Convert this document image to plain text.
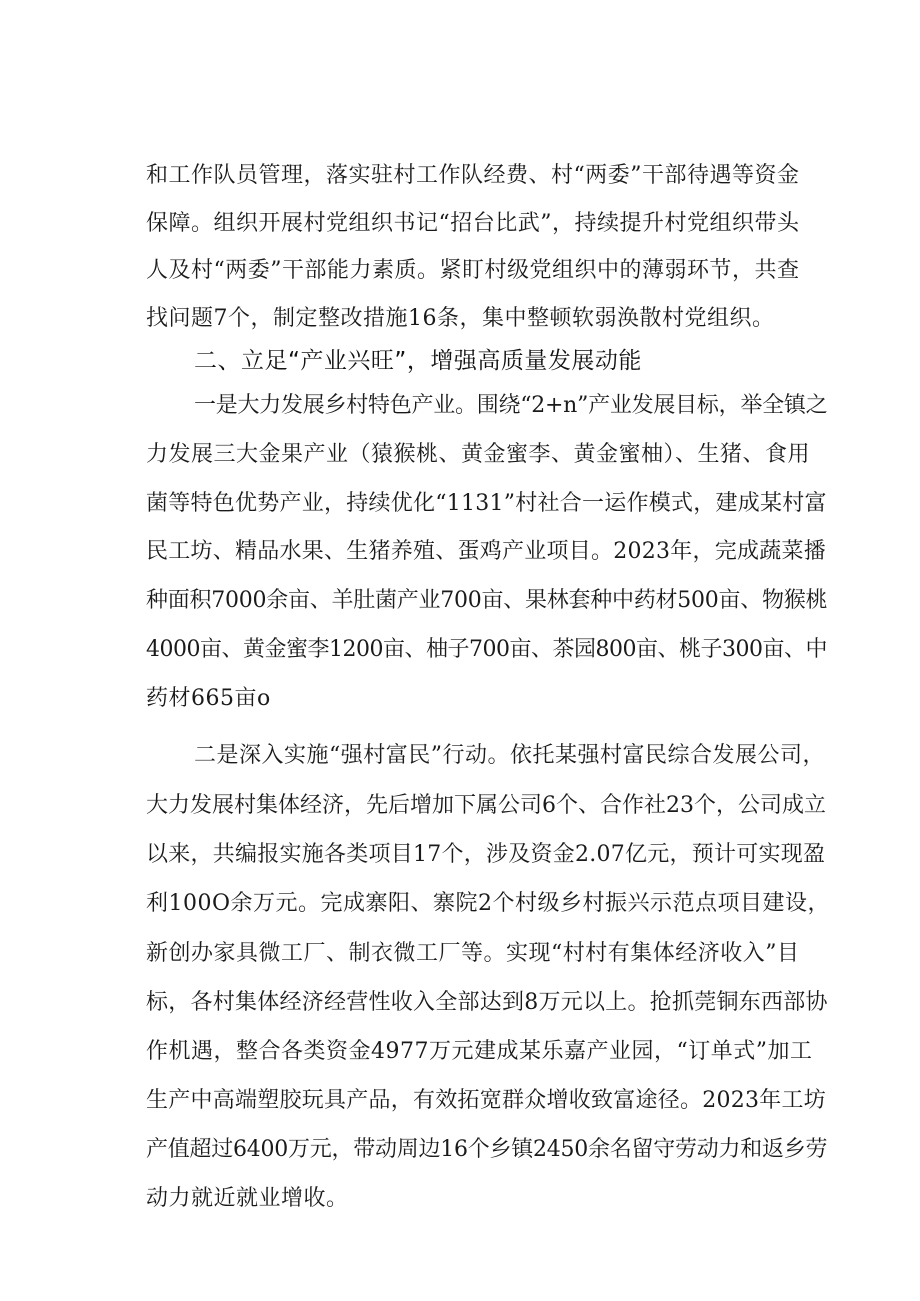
和工作队员管理，落实驻村工作队经费、村“两委”干部待遇等资金
保障。组织开展村党组织书记“招台比武”，持续提升村党组织带头
人及村“两委”干部能力素质。紧盯村级党组织中的薄弱环节，共查
找问题7个，制定整改措施16条，集中整顿软弱涣散村党组织。
二、立足“产业兴旺”，增强高质量发展动能
一是大力发展乡村特色产业。围绕“2+n”产业发展目标，举全镇之
力发展三大金果产业（猿猴桃、黄金蜜李、黄金蜜柚）、生猪、食用
菌等特色优势产业，持续优化“1131”村社合一运作模式，建成某村富
民工坊、精品水果、生猪养殖、蛋鸡产业项目。2023年，完成蔬菜播
种面积7000余亩、羊肚菌产业700亩、果林套种中药材500亩、物猴桃
4000亩、黄金蜜李1200亩、柚子700亩、茶园800亩、桃子300亩、中
药材665亩o
二是深入实施“强村富民”行动。依托某强村富民综合发展公司，
大力发展村集体经济，先后增加下属公司6个、合作社23个，公司成立
以来，共编报实施各类项目17个，涉及资金2.07亿元，预计可实现盈
利100O余万元。完成寨阳、寨院2个村级乡村振兴示范点项目建设，
新创办家具微工厂、制衣微工厂等。实现“村村有集体经济收入”目
标，各村集体经济经营性收入全部达到8万元以上。抢抓莞铜东西部协
作机遇，整合各类资金4977万元建成某乐嘉产业园，“订单式”加工
生产中高端塑胶玩具产品，有效拓宽群众增收致富途径。2023年工坊
产值超过6400万元，带动周边16个乡镇2450余名留守劳动力和返乡劳
动力就近就业增收。
